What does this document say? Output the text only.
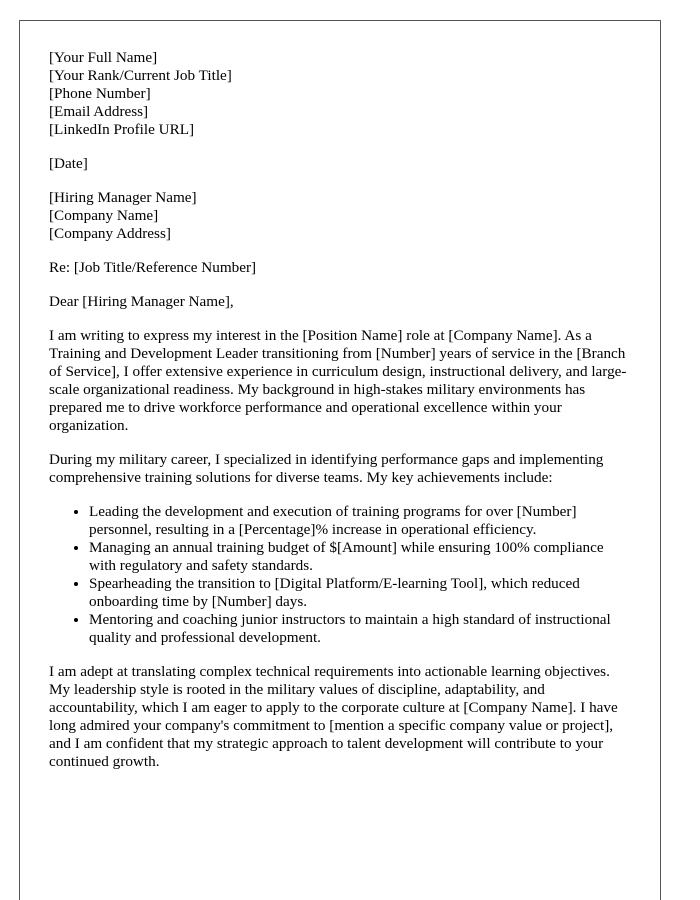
[Your Full Name]
[Your Rank/Current Job Title]
[Phone Number]
[Email Address]
[LinkedIn Profile URL]
[Date]
[Hiring Manager Name]
[Company Name]
[Company Address]

Re: [Job Title/Reference Number]

Dear [Hiring Manager Name],

I am writing to express my interest in the [Position Name] role at [Company Name]. As a Training and Development Leader transitioning from [Number] years of service in the [Branch of Service], I offer extensive experience in curriculum design, instructional delivery, and large-scale organizational readiness. My background in high-stakes military environments has prepared me to drive workforce performance and operational excellence within your organization.

During my military career, I specialized in identifying performance gaps and implementing comprehensive training solutions for diverse teams. My key achievements include:

• Leading the development and execution of training programs for over [Number] personnel, resulting in a [Percentage]% increase in operational efficiency.
• Managing an annual training budget of $[Amount] while ensuring 100% compliance with regulatory and safety standards.
• Spearheading the transition to [Digital Platform/E-learning Tool], which reduced onboarding time by [Number] days.
• Mentoring and coaching junior instructors to maintain a high standard of instructional quality and professional development.

I am adept at translating complex technical requirements into actionable learning objectives. My leadership style is rooted in the military values of discipline, adaptability, and accountability, which I am eager to apply to the corporate culture at [Company Name]. I have long admired your company's commitment to [mention a specific company value or project], and I am confident that my strategic approach to talent development will contribute to your continued growth.
